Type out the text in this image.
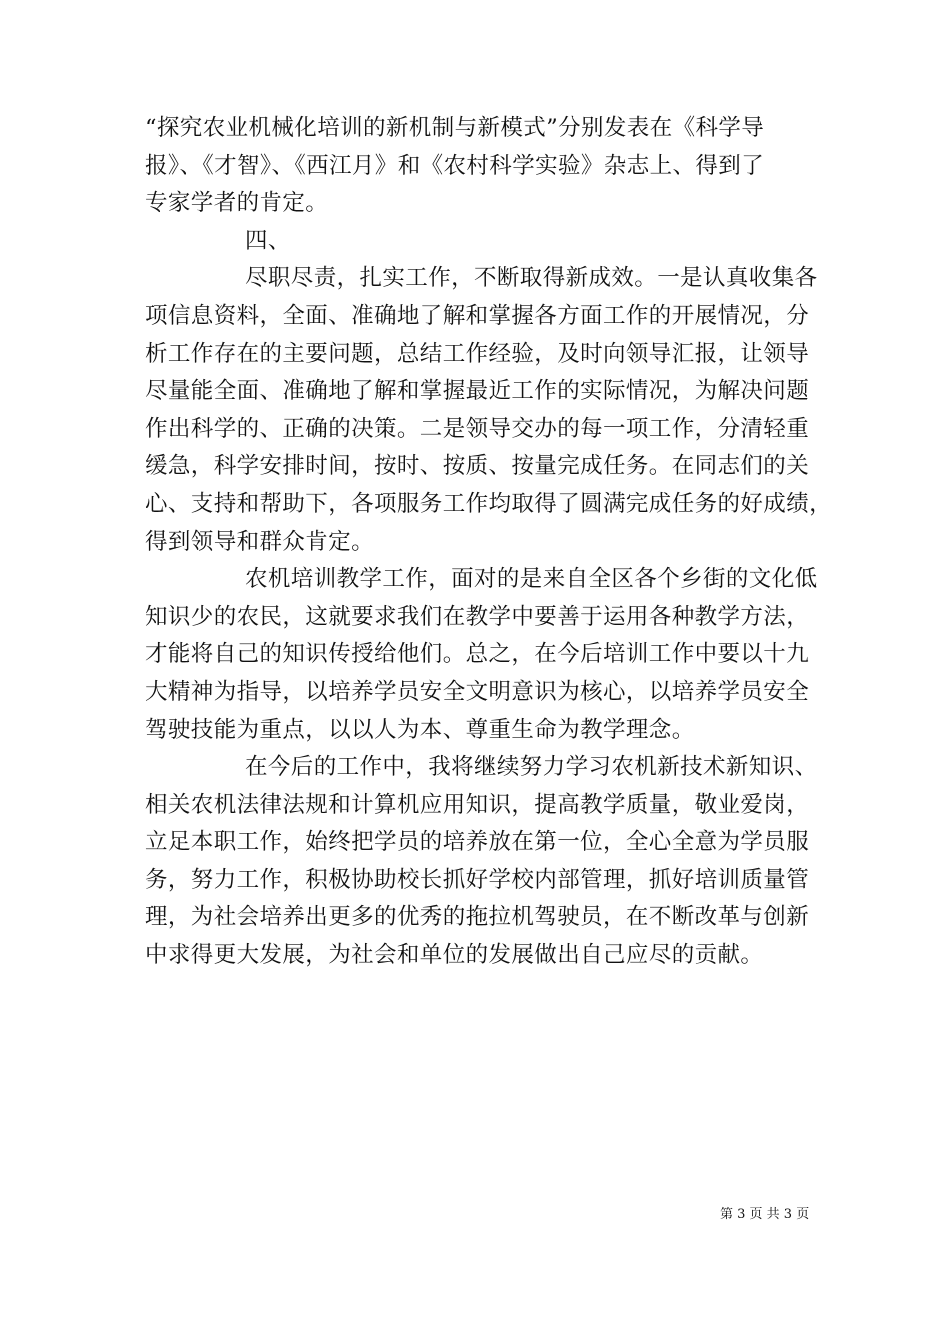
“探究农业机械化培训的新机制与新模式”分别发表在《科学导
报》、《才智》、《西江月》和《农村科学实验》杂志上、得到了
专家学者的肯定。
四、
尽职尽责，扎实工作，不断取得新成效。一是认真收集各
项信息资料，全面、准确地了解和掌握各方面工作的开展情况，分
析工作存在的主要问题，总结工作经验，及时向领导汇报，让领导
尽量能全面、准确地了解和掌握最近工作的实际情况，为解决问题
作出科学的、正确的决策。二是领导交办的每一项工作，分清轻重
缓急，科学安排时间，按时、按质、按量完成任务。在同志们的关
心、支持和帮助下，各项服务工作均取得了圆满完成任务的好成绩，
得到领导和群众肯定。
农机培训教学工作，面对的是来自全区各个乡街的文化低
知识少的农民，这就要求我们在教学中要善于运用各种教学方法，
才能将自己的知识传授给他们。总之，在今后培训工作中要以十九
大精神为指导，以培养学员安全文明意识为核心，以培养学员安全
驾驶技能为重点，以以人为本、尊重生命为教学理念。
在今后的工作中，我将继续努力学习农机新技术新知识、
相关农机法律法规和计算机应用知识，提高教学质量，敬业爱岗，
立足本职工作，始终把学员的培养放在第一位，全心全意为学员服
务，努力工作，积极协助校长抓好学校内部管理，抓好培训质量管
理，为社会培养出更多的优秀的拖拉机驾驶员，在不断改革与创新
中求得更大发展，为社会和单位的发展做出自己应尽的贡献。
第 3 页 共 3 页
